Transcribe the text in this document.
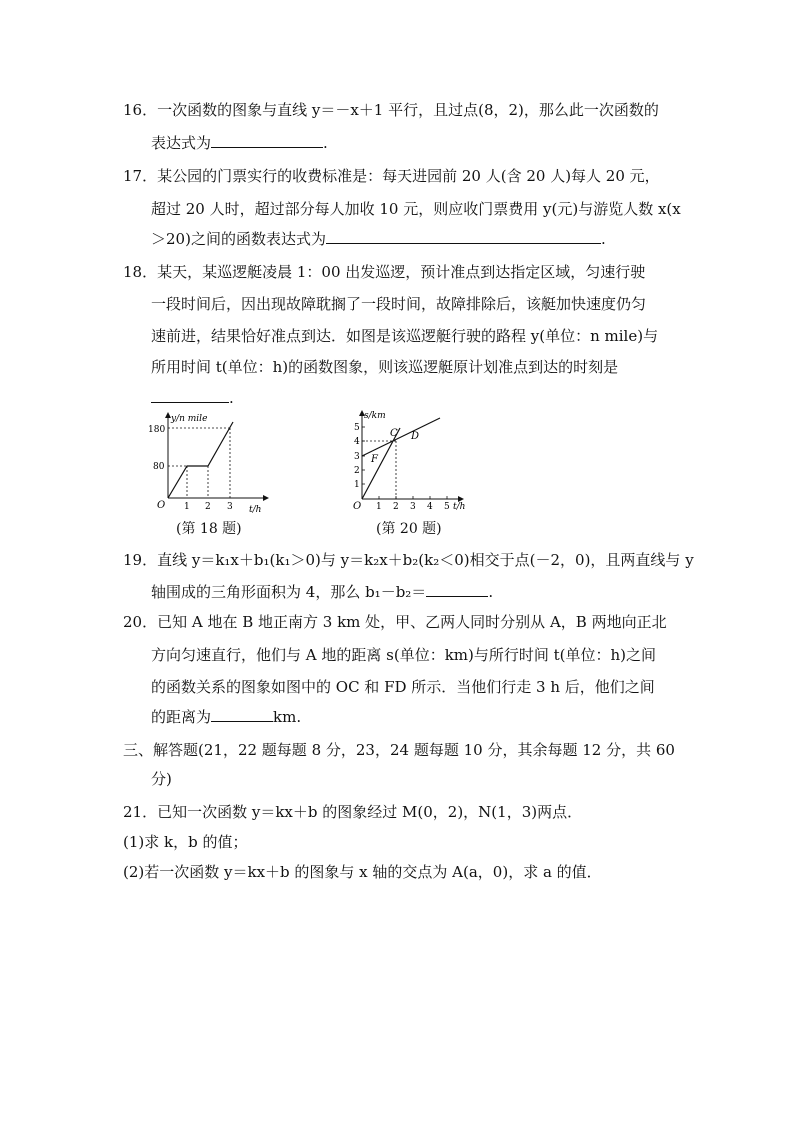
16．一次函数的图象与直线 y＝－x＋1 平行，且过点(8，2)，那么此一次函数的
表达式为	.
17．某公园的门票实行的收费标准是：每天进园前 20 人(含 20 人)每人 20 元，
超过 20 人时，超过部分每人加收 10 元，则应收门票费用 y(元)与游览人数 x(x
＞20)之间的函数表达式为	.
18．某天，某巡逻艇凌晨 1：00 出发巡逻，预计准点到达指定区域，匀速行驶
一段时间后，因出现故障耽搁了一段时间，故障排除后，该艇加快速度仍匀
速前进，结果恰好准点到达．如图是该巡逻艇行驶的路程 y(单位：n mile)与
所用时间 t(单位：h)的函数图象，则该巡逻艇原计划准点到达的时刻是
.
y/n mile
180
80
O 1 2 3 t/h
(第 18 题)
s/km
5
4
3
2
1
O 1 2 3 4 5 t/h
C D
F
(第 20 题)
19．直线 y＝k₁x＋b₁(k₁＞0)与 y＝k₂x＋b₂(k₂＜0)相交于点(－2，0)，且两直线与 y
轴围成的三角形面积为 4，那么 b₁－b₂＝	.
20．已知 A 地在 B 地正南方 3 km 处，甲、乙两人同时分别从 A，B 两地向正北
方向匀速直行，他们与 A 地的距离 s(单位：km)与所行时间 t(单位：h)之间
的函数关系的图象如图中的 OC 和 FD 所示．当他们行走 3 h 后，他们之间
的距离为	km.
三、解答题(21，22 题每题 8 分，23，24 题每题 10 分，其余每题 12 分，共 60
分)
21．已知一次函数 y＝kx＋b 的图象经过 M(0，2)，N(1，3)两点．
(1)求 k，b 的值；
(2)若一次函数 y＝kx＋b 的图象与 x 轴的交点为 A(a，0)，求 a 的值．
